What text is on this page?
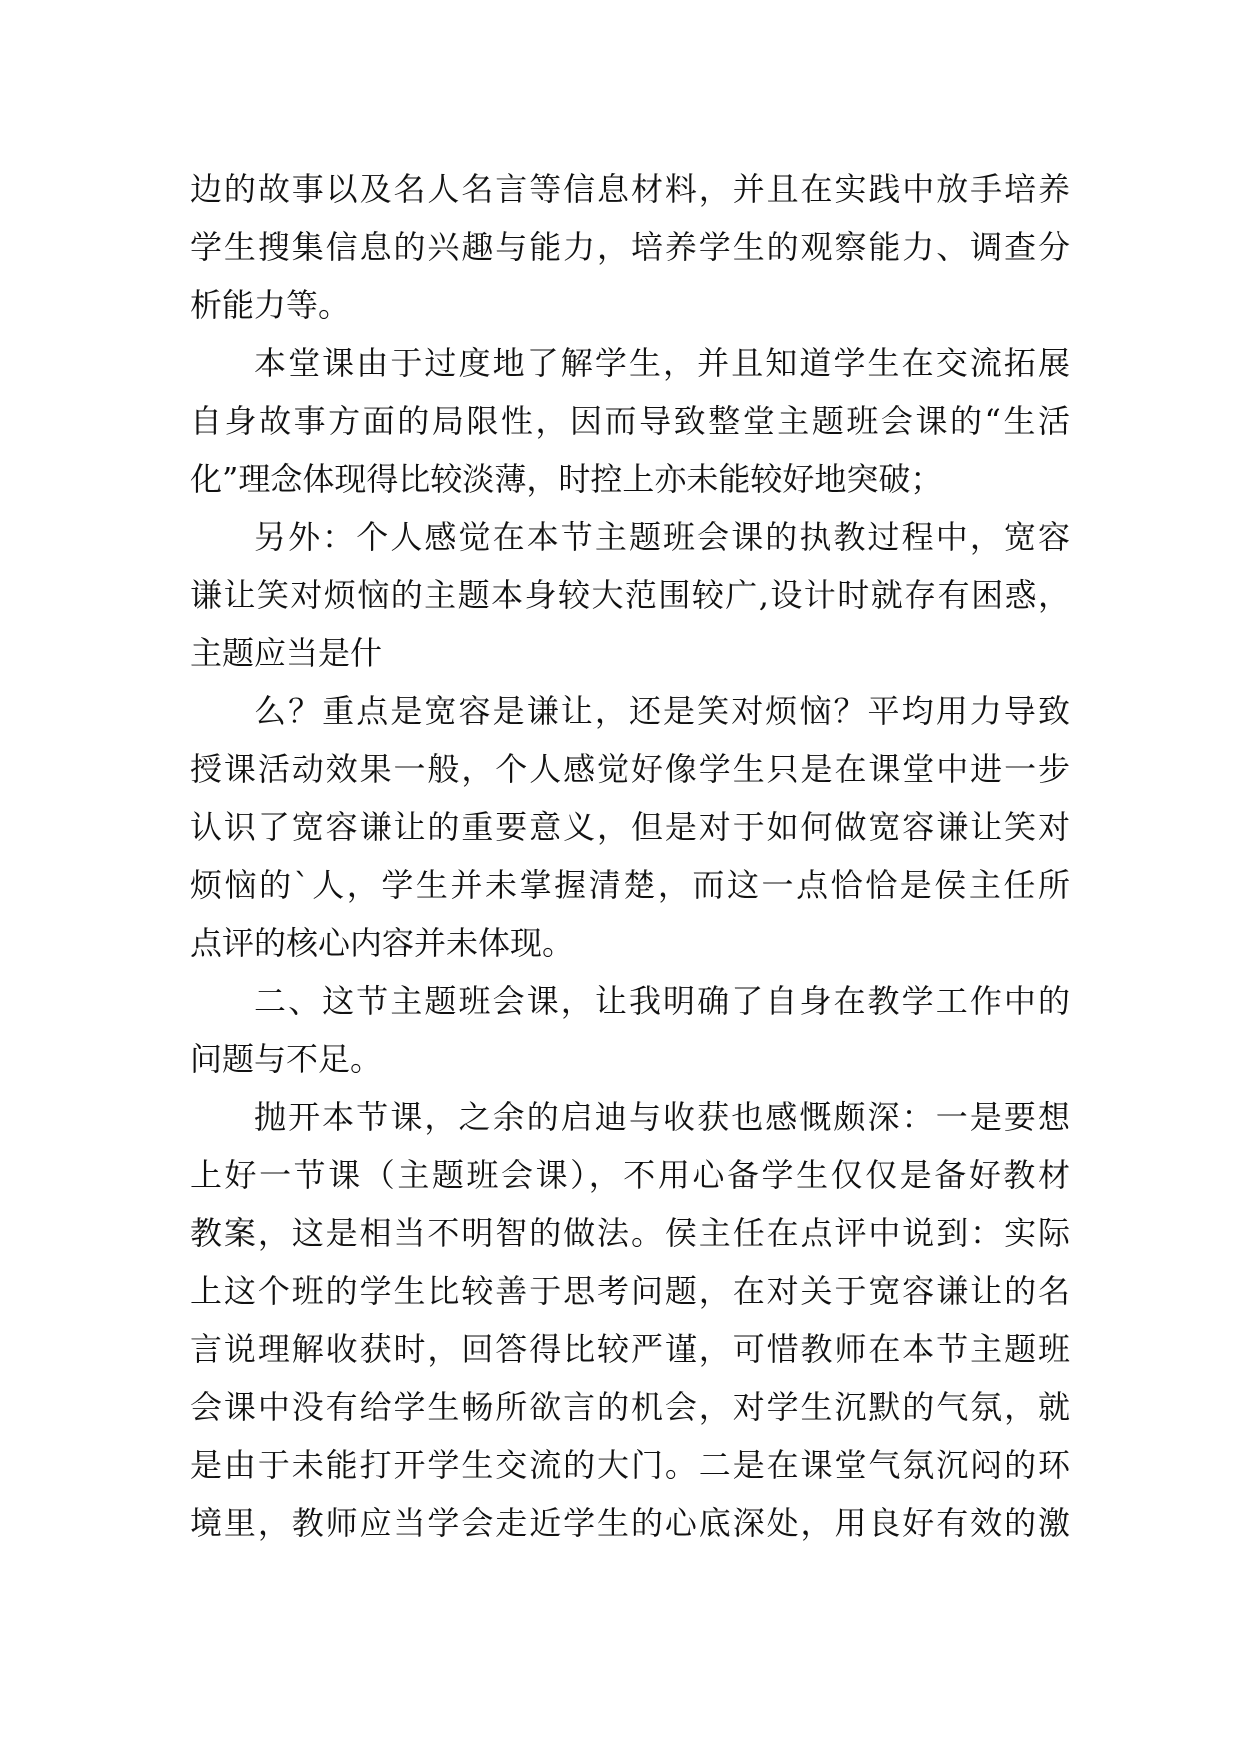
边的故事以及名人名言等信息材料，并且在实践中放手培养
学生搜集信息的兴趣与能力，培养学生的观察能力、调查分
析能力等。
本堂课由于过度地了解学生，并且知道学生在交流拓展
自身故事方面的局限性，因而导致整堂主题班会课的“生活
化”理念体现得比较淡薄，时控上亦未能较好地突破；
另外：个人感觉在本节主题班会课的执教过程中，宽容
谦让笑对烦恼的主题本身较大范围较广,设计时就存有困惑，
主题应当是什
么？重点是宽容是谦让，还是笑对烦恼？平均用力导致
授课活动效果一般，个人感觉好像学生只是在课堂中进一步
认识了宽容谦让的重要意义，但是对于如何做宽容谦让笑对
烦恼的`人，学生并未掌握清楚，而这一点恰恰是侯主任所
点评的核心内容并未体现。
二、这节主题班会课，让我明确了自身在教学工作中的
问题与不足。
抛开本节课，之余的启迪与收获也感慨颇深：一是要想
上好一节课（主题班会课），不用心备学生仅仅是备好教材
教案，这是相当不明智的做法。侯主任在点评中说到：实际
上这个班的学生比较善于思考问题，在对关于宽容谦让的名
言说理解收获时，回答得比较严谨，可惜教师在本节主题班
会课中没有给学生畅所欲言的机会，对学生沉默的气氛，就
是由于未能打开学生交流的大门。二是在课堂气氛沉闷的环
境里，教师应当学会走近学生的心底深处，用良好有效的激
